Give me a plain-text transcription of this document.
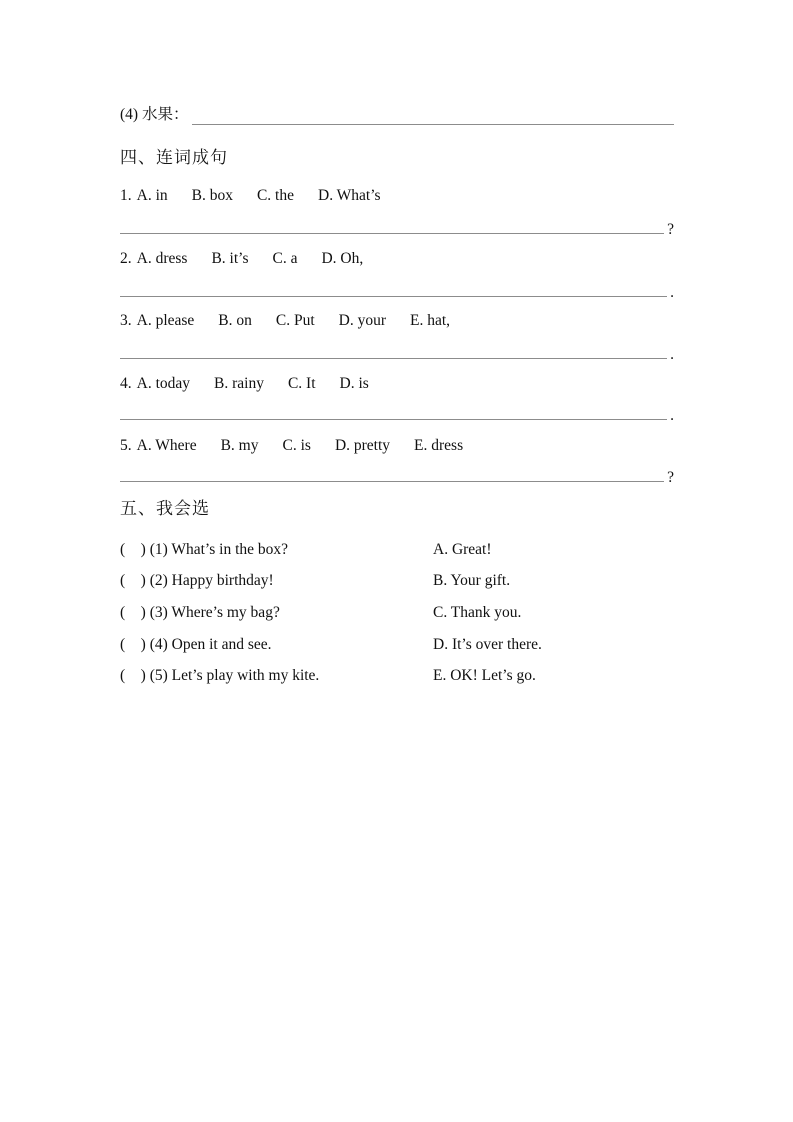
(4) 水果：
四、连词成句
1. A. in B. box C. the D. What’s
?
2. A. dress B. it’s C. a D. Oh,
.
3. A. please B. on C. Put D. your E. hat,
.
4. A. today B. rainy C. It D. is
.
5. A. Where B. my C. is D. pretty E. dress
?
五、我会选
(    ) (1) What’s in the box?	A. Great!
(    ) (2) Happy birthday!	B. Your gift.
(    ) (3) Where’s my bag?	C. Thank you.
(    ) (4) Open it and see.	D. It’s over there.
(    ) (5) Let’s play with my kite.	E. OK! Let’s go.
